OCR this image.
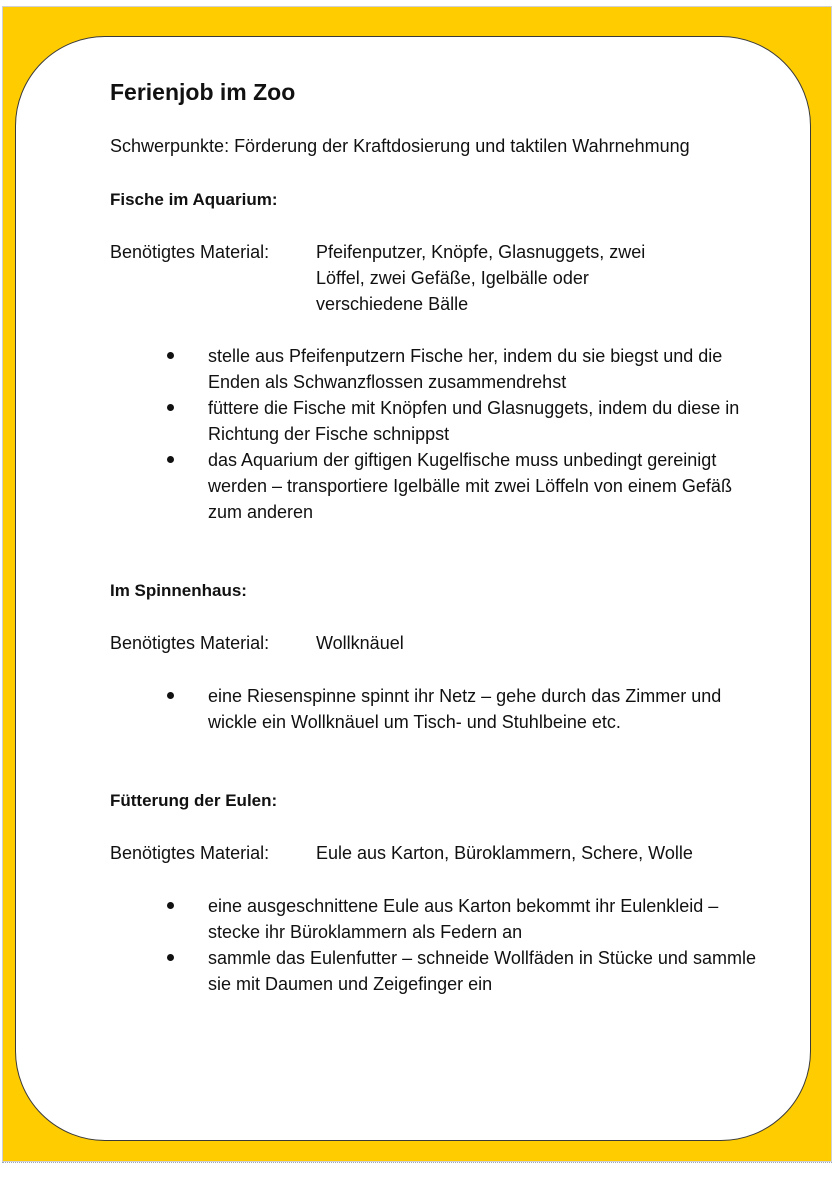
Ferienjob im Zoo

Schwerpunkte: Förderung der Kraftdosierung und taktilen Wahrnehmung

Fische im Aquarium:

Benötigtes Material:	Pfeifenputzer, Knöpfe, Glasnuggets, zwei Löffel, zwei Gefäße, Igelbälle oder verschiedene Bälle
stelle aus Pfeifenputzern Fische her, indem du sie biegst und die Enden als Schwanzflossen zusammendrehst
füttere die Fische mit Knöpfen und Glasnuggets, indem du diese in Richtung der Fische schnippst
das Aquarium der giftigen Kugelfische muss unbedingt gereinigt werden – transportiere Igelbälle mit zwei Löffeln von einem Gefäß zum anderen

Im Spinnenhaus:

Benötigtes Material:	Wollknäuel
eine Riesenspinne spinnt ihr Netz – gehe durch das Zimmer und wickle ein Wollknäuel um Tisch- und Stuhlbeine etc.

Fütterung der Eulen:

Benötigtes Material:	Eule aus Karton, Büroklammern, Schere, Wolle
eine ausgeschnittene Eule aus Karton bekommt ihr Eulenkleid – stecke ihr Büroklammern als Federn an
sammle das Eulenfutter – schneide Wollfäden in Stücke und sammle sie mit Daumen und Zeigefinger ein
